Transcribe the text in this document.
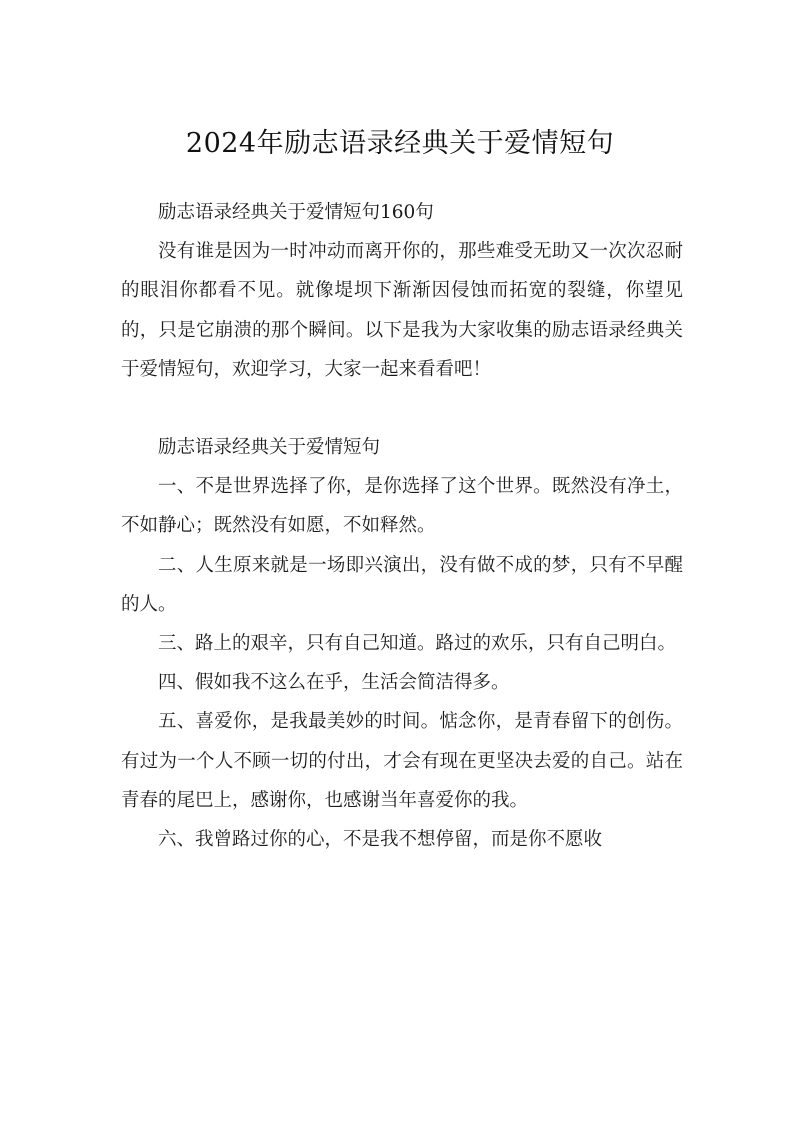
2024年励志语录经典关于爱情短句

励志语录经典关于爱情短句160句

没有谁是因为一时冲动而离开你的，那些难受无助又一次次忍耐的眼泪你都看不见。就像堤坝下渐渐因侵蚀而拓宽的裂缝，你望见的，只是它崩溃的那个瞬间。以下是我为大家收集的励志语录经典关于爱情短句，欢迎学习，大家一起来看看吧！

励志语录经典关于爱情短句

一、不是世界选择了你，是你选择了这个世界。既然没有净土，不如静心；既然没有如愿，不如释然。

二、人生原来就是一场即兴演出，没有做不成的梦，只有不早醒的人。

三、路上的艰辛，只有自己知道。路过的欢乐，只有自己明白。

四、假如我不这么在乎，生活会简洁得多。

五、喜爱你，是我最美妙的时间。惦念你，是青春留下的创伤。有过为一个人不顾一切的付出，才会有现在更坚决去爱的自己。站在青春的尾巴上，感谢你，也感谢当年喜爱你的我。

六、我曾路过你的心，不是我不想停留，而是你不愿收
